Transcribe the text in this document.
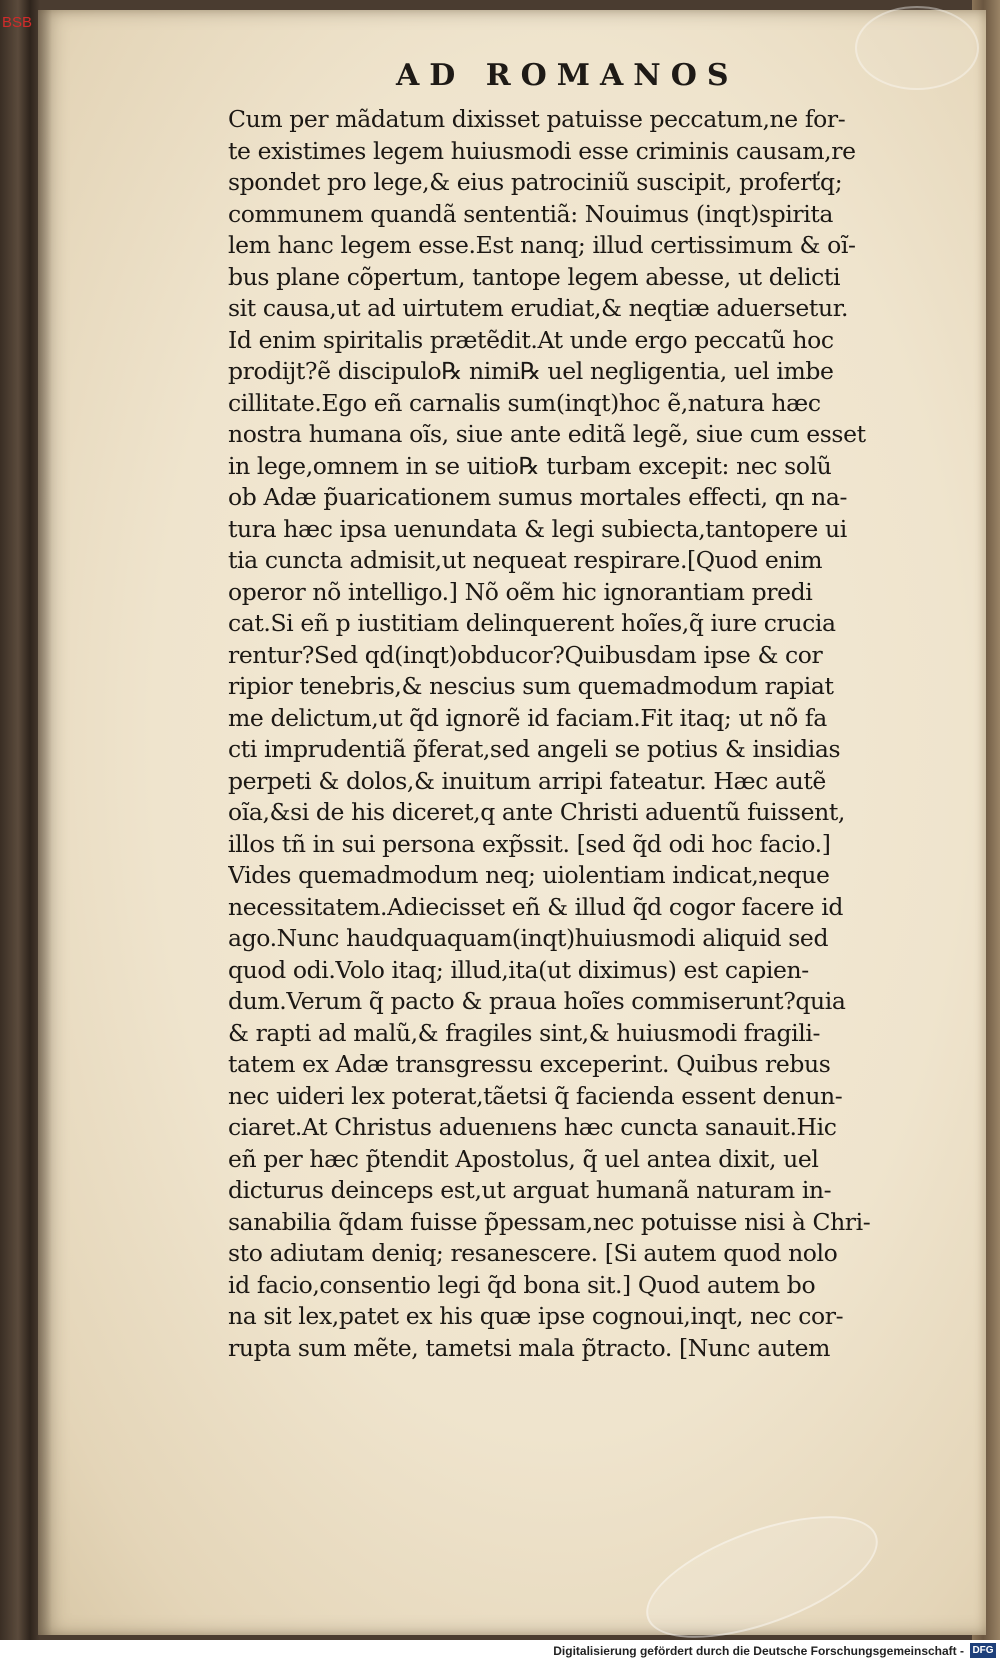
BSB
AD ROMANOS
Cum per mãdatum dixisset patuisse peccatum,ne for-
te existimes legem huiusmodi esse criminis causam,re
spondet pro lege,& eius patrociniũ suscipit, proferťq;
communem quandã sententiã: Nouimus (inqt)spirita
lem hanc legem esse.Est nanq; illud certissimum & oĩ-
bus plane cõpertum, tantope legem abesse, ut delicti
sit causa,ut ad uirtutem erudiat,& neqtiæ aduersetur.
Id enim spiritalis prætẽdit.At unde ergo peccatũ hoc
prodijt?ẽ discipulo℞ nimi℞ uel negligentia, uel imbe
cillitate.Ego eñ carnalis sum(inqt)hoc ẽ,natura hæc
nostra humana oĩs, siue ante editã legẽ, siue cum esset
in lege,omnem in se uitio℞ turbam excepit: nec solũ
ob Adæ p̃uaricationem sumus mortales effecti, qn na-
tura hæc ipsa uenundata & legi subiecta,tantopere ui
tia cuncta admisit,ut nequeat respirare.[Quod enim
operor nõ intelligo.] Nõ oẽm hic ignorantiam predi
cat.Si eñ p iustitiam delinquerent hoĩes,q̃ iure crucia
rentur?Sed qd(inqt)obducor?Quibusdam ipse & cor
ripior tenebris,& nescius sum quemadmodum rapiat
me delictum,ut q̃d ignorẽ id faciam.Fit itaq; ut nõ fa
cti imprudentiã p̃ferat,sed angeli se potius & insidias
perpeti & dolos,& inuitum arripi fateatur. Hæc autẽ
oĩa,&si de his diceret,q ante Christi aduentũ fuissent,
illos tñ in sui persona exp̃ssit. [sed q̃d odi hoc facio.]
Vides quemadmodum neq; uiolentiam indicat,neque
necessitatem.Adiecisset eñ & illud q̃d cogor facere id
ago.Nunc haudquaquam(inqt)huiusmodi aliquid sed
quod odi.Volo itaq; illud,ita(ut diximus) est capien-
dum.Verum q̃ pacto & praua hoĩes commiserunt?quia
& rapti ad malũ,& fragiles sint,& huiusmodi fragili-
tatem ex Adæ transgressu exceperint. Quibus rebus
nec uideri lex poterat,tãetsi q̃ facienda essent denun-
ciaret.At Christus aduenıens hæc cuncta sanauit.Hic
eñ per hæc p̃tendit Apostolus, q̃ uel antea dixit, uel
dicturus deinceps est,ut arguat humanã naturam in-
sanabilia q̃dam fuisse p̃pessam,nec potuisse nisi à Chri-
sto adiutam deniq; resanescere. [Si autem quod nolo
id facio,consentio legi q̃d bona sit.] Quod autem bo
na sit lex,patet ex his quæ ipse cognoui,inqt, nec cor-
rupta sum mẽte, tametsi mala p̃tracto. [Nunc autem
Digitalisierung gefördert durch die Deutsche Forschungsgemeinschaft - DFG
